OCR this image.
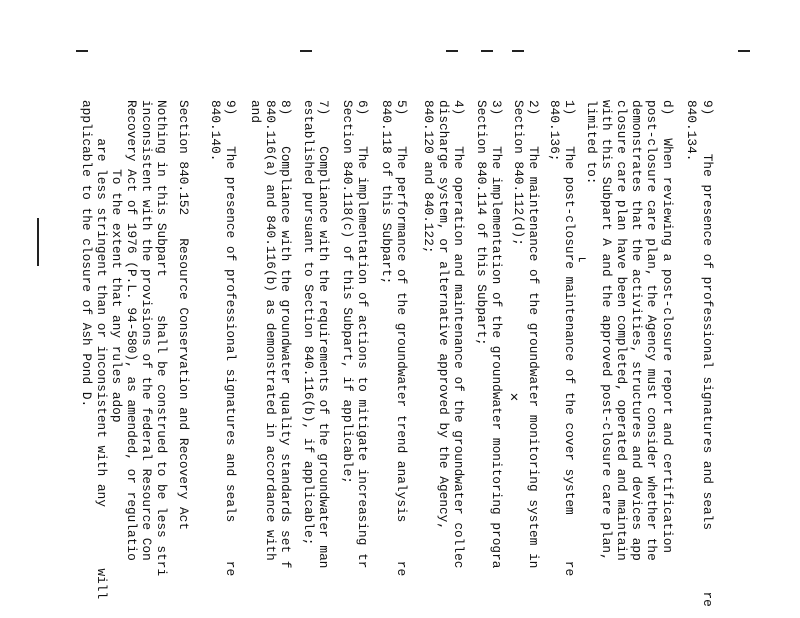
9)     The presence of professional signatures and seals        re
840.134.
d)   When reviewing a post-closure report and certification
post-closure care plan, the Agency must consider whether the
demonstrates that the activities, structures and devices app
closure care plan have been completed, operated and maintain
with this Subpart A and the approved post-closure care plan,
limited to:
1)    The post-closure maintenance of the cover system      re
840.136;
2)    The maintenance of the groundwater monitoring system in
Section 840.112(d);
3)    The implementation of the groundwater monitoring progra
Section 840.114 of this Subpart;
4)    The operation and maintenance of the groundwater collec
discharge system, or alternative approved by the Agency,
840.120 and 840.122;
5)    The performance of the groundwater trend analysis     re
840.118 of this Subpart;
6)    The implementation of actions to mitigate increasing tr
Section 840.118(c) of this Subpart, if applicable;
7)    Compliance with the requirements of the groundwater man
established pursuant to Section 840.116(b), if applicable;
8)    Compliance with the groundwater quality standards set f
840.116(a) and 840.116(b) as demonstrated in accordance with
and
9)    The presence of professional signatures and seals     re
840.140.
Section 840.152   Resource Conservation and Recovery Act
Nothing in this Subpart     shall be construed to be less stri
inconsistent with the provisions of the federal Resource Con
Recovery Act of 1976 (P.L. 94-580), as amended, or regulatio
To the extent that any rules adop
are less stringent than or inconsistent with any        will
applicable to the closure of Ash Pond D.	⌐
✕
